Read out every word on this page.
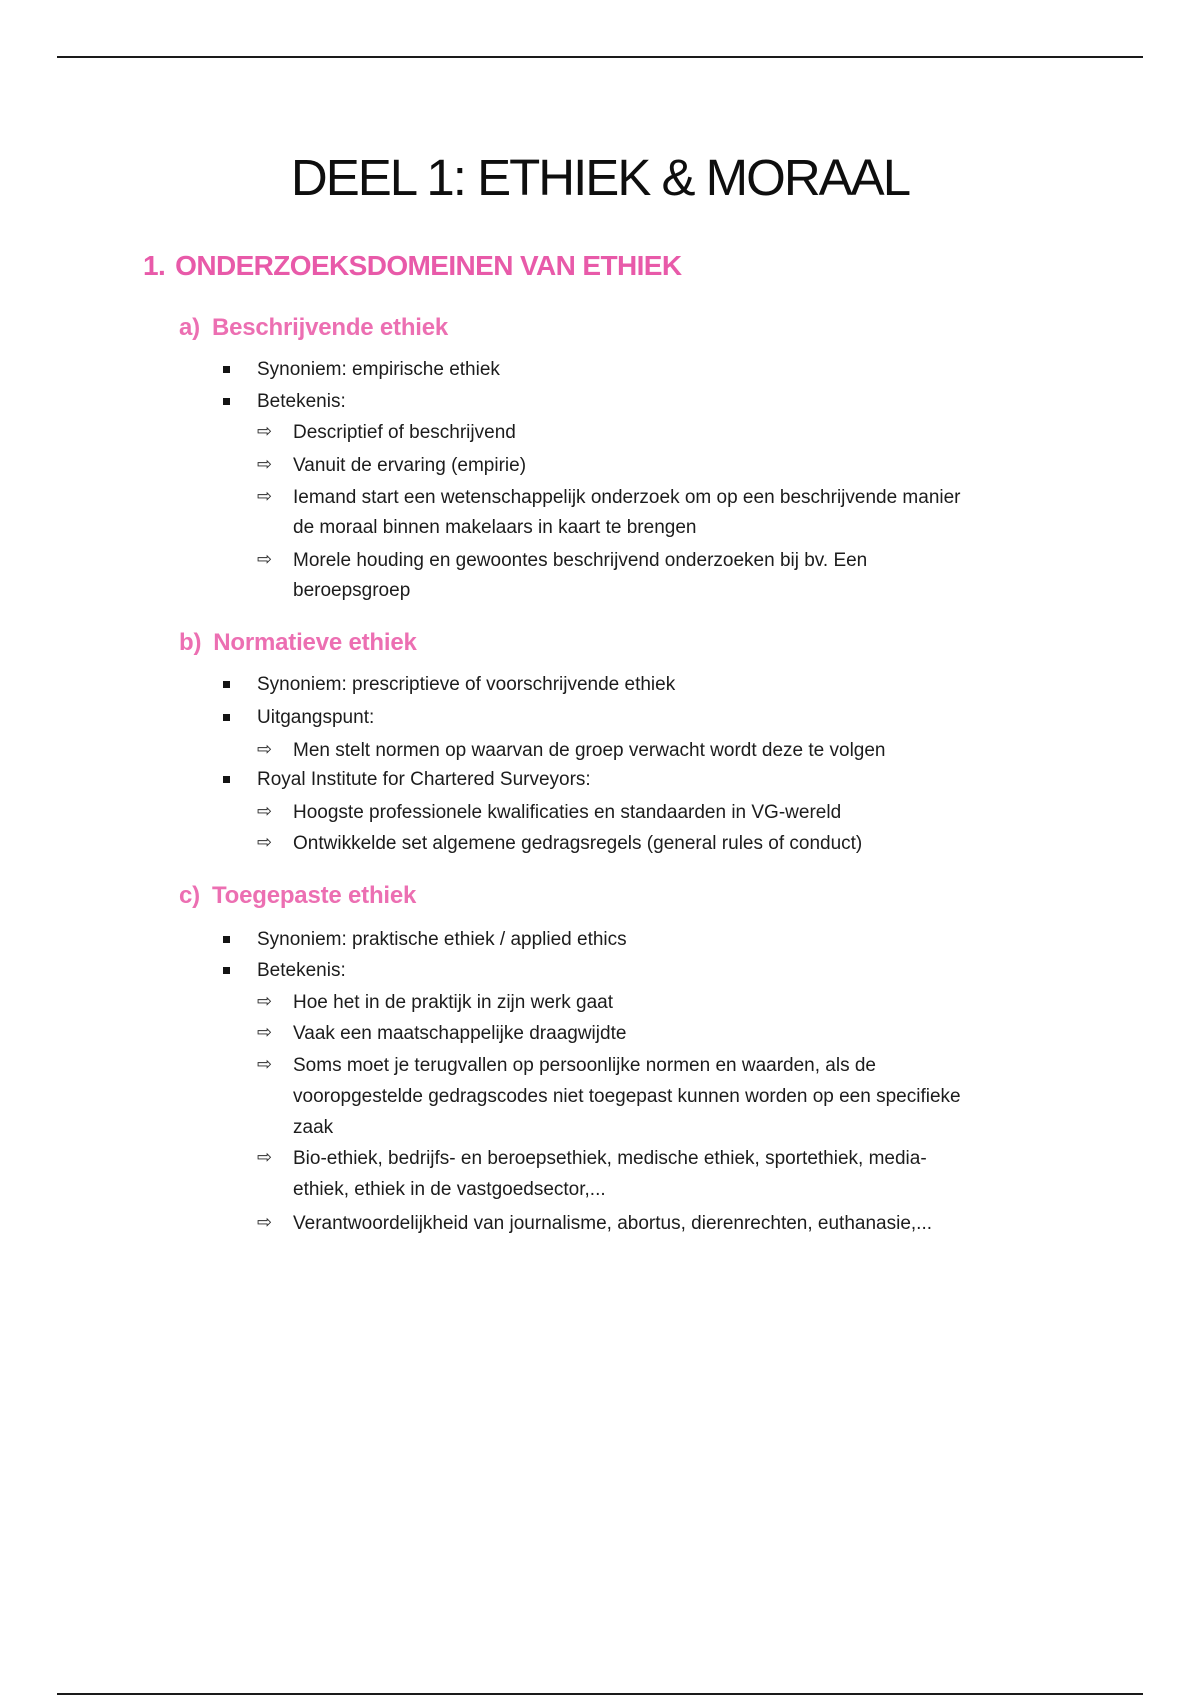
DEEL 1: ETHIEK & MORAAL
1. ONDERZOEKSDOMEINEN VAN ETHIEK
a) Beschrijvende ethiek

Synoniem: empirische ethiek

Betekenis:

⇨ Descriptief of beschrijvend

⇨ Vanuit de ervaring (empirie)

⇨ Iemand start een wetenschappelijk onderzoek om op een beschrijvende manier

de moraal binnen makelaars in kaart te brengen

⇨ Morele houding en gewoontes beschrijvend onderzoeken bij bv. Een

beroepsgroep

b) Normatieve ethiek

Synoniem: prescriptieve of voorschrijvende ethiek

Uitgangspunt:

⇨ Men stelt normen op waarvan de groep verwacht wordt deze te volgen

Royal Institute for Chartered Surveyors:

⇨ Hoogste professionele kwalificaties en standaarden in VG-wereld

⇨ Ontwikkelde set algemene gedragsregels (general rules of conduct)

c) Toegepaste ethiek

Synoniem: praktische ethiek / applied ethics

Betekenis:

⇨ Hoe het in de praktijk in zijn werk gaat

⇨ Vaak een maatschappelijke draagwijdte

⇨ Soms moet je terugvallen op persoonlijke normen en waarden, als de

vooropgestelde gedragscodes niet toegepast kunnen worden op een specifieke

zaak

⇨ Bio-ethiek, bedrijfs- en beroepsethiek, medische ethiek, sportethiek, media-

ethiek, ethiek in de vastgoedsector,...

⇨ Verantwoordelijkheid van journalisme, abortus, dierenrechten, euthanasie,...
